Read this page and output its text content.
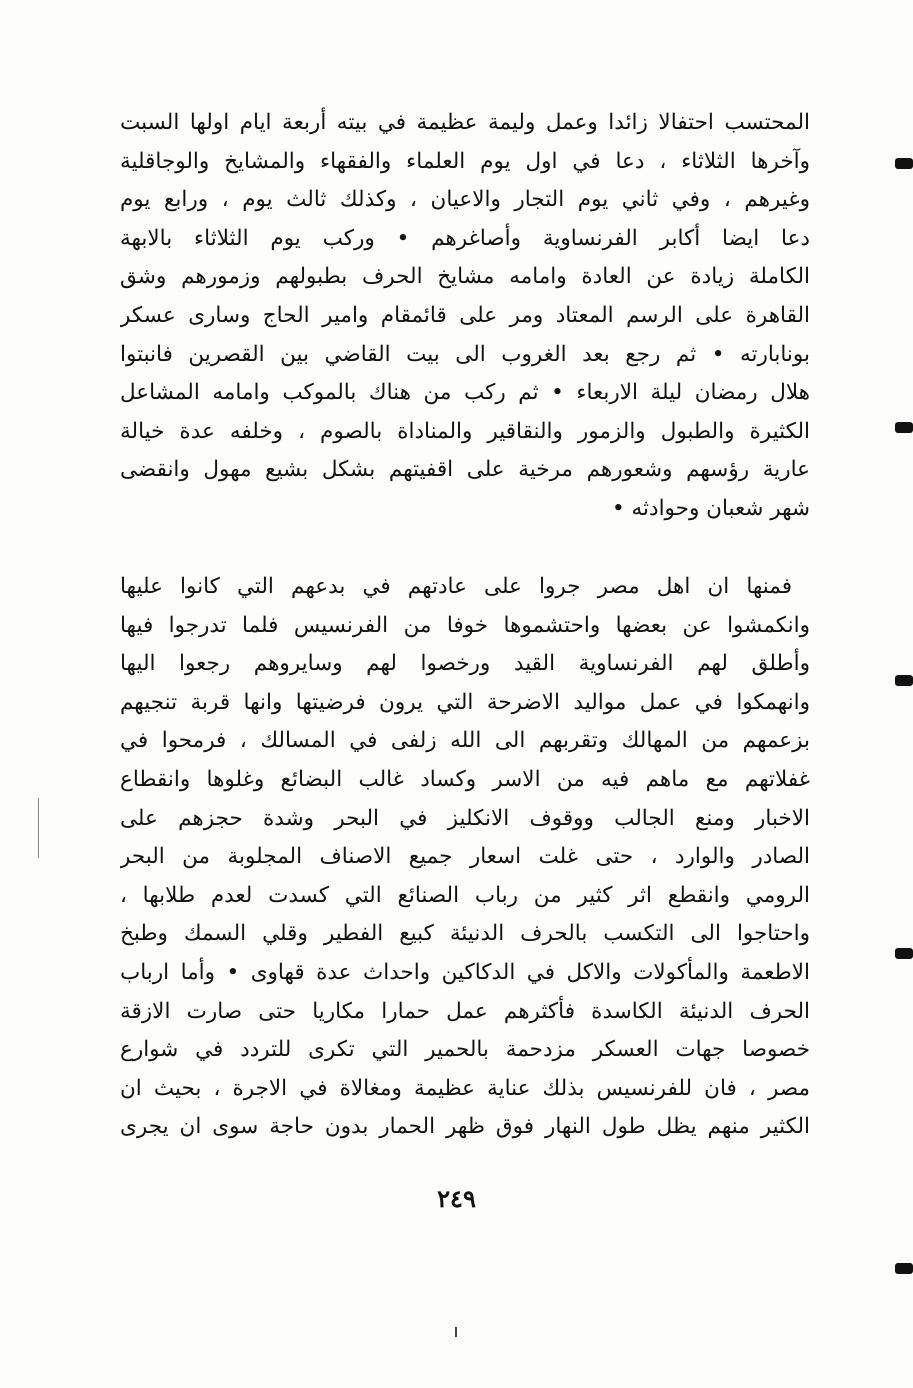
المحتسب احتفالا زائدا وعمل وليمة عظيمة في بيته أربعة ايام اولها السبت
وآخرها الثلاثاء ، دعا في اول يوم العلماء والفقهاء والمشايخ والوجاقلية
وغيرهم ، وفي ثاني يوم التجار والاعيان ، وكذلك ثالث يوم ، ورابع يوم
دعا ايضا أكابر الفرنساوية وأصاغرهم • وركب يوم الثلاثاء بالابهة
الكاملة زيادة عن العادة وامامه مشايخ الحرف بطبولهم وزمورهم وشق
القاهرة على الرسم المعتاد ومر على قائمقام وامير الحاج وسارى عسكر
بونابارته • ثم رجع بعد الغروب الى بيت القاضي بين القصرين فانبتوا
هلال رمضان ليلة الاربعاء • ثم ركب من هناك بالموكب وامامه المشاعل
الكثيرة والطبول والزمور والنقاقير والمناداة بالصوم ، وخلفه عدة خيالة
عارية رؤسهم وشعورهم مرخية على اقفيتهم بشكل بشيع مهول وانقضى
شهر شعبان وحوادثه •
فمنها ان اهل مصر جروا على عادتهم في بدعهم التي كانوا عليها
وانكمشوا عن بعضها واحتشموها خوفا من الفرنسيس فلما تدرجوا فيها
وأطلق لهم الفرنساوية القيد ورخصوا لهم وسايروهم رجعوا اليها
وانهمكوا في عمل مواليد الاضرحة التي يرون فرضيتها وانها قربة تنجيهم
بزعمهم من المهالك وتقربهم الى الله زلفى في المسالك ، فرمحوا في
غفلاتهم مع ماهم فيه من الاسر وكساد غالب البضائع وغلوها وانقطاع
الاخبار ومنع الجالب ووقوف الانكليز في البحر وشدة حجزهم على
الصادر والوارد ، حتى غلت اسعار جميع الاصناف المجلوبة من البحر
الرومي وانقطع اثر كثير من رباب الصنائع التي كسدت لعدم طلابها ،
واحتاجوا الى التكسب بالحرف الدنيئة كبيع الفطير وقلي السمك وطبخ
الاطعمة والمأكولات والاكل في الدكاكين واحداث عدة قهاوى • وأما ارباب
الحرف الدنيئة الكاسدة فأكثرهم عمل حمارا مكاريا حتى صارت الازقة
خصوصا جهات العسكر مزدحمة بالحمير التي تكرى للتردد في شوارع
مصر ، فان للفرنسيس بذلك عناية عظيمة ومغالاة في الاجرة ، بحيث ان
الكثير منهم يظل طول النهار فوق ظهر الحمار بدون حاجة سوى ان يجرى
٢٤٩
